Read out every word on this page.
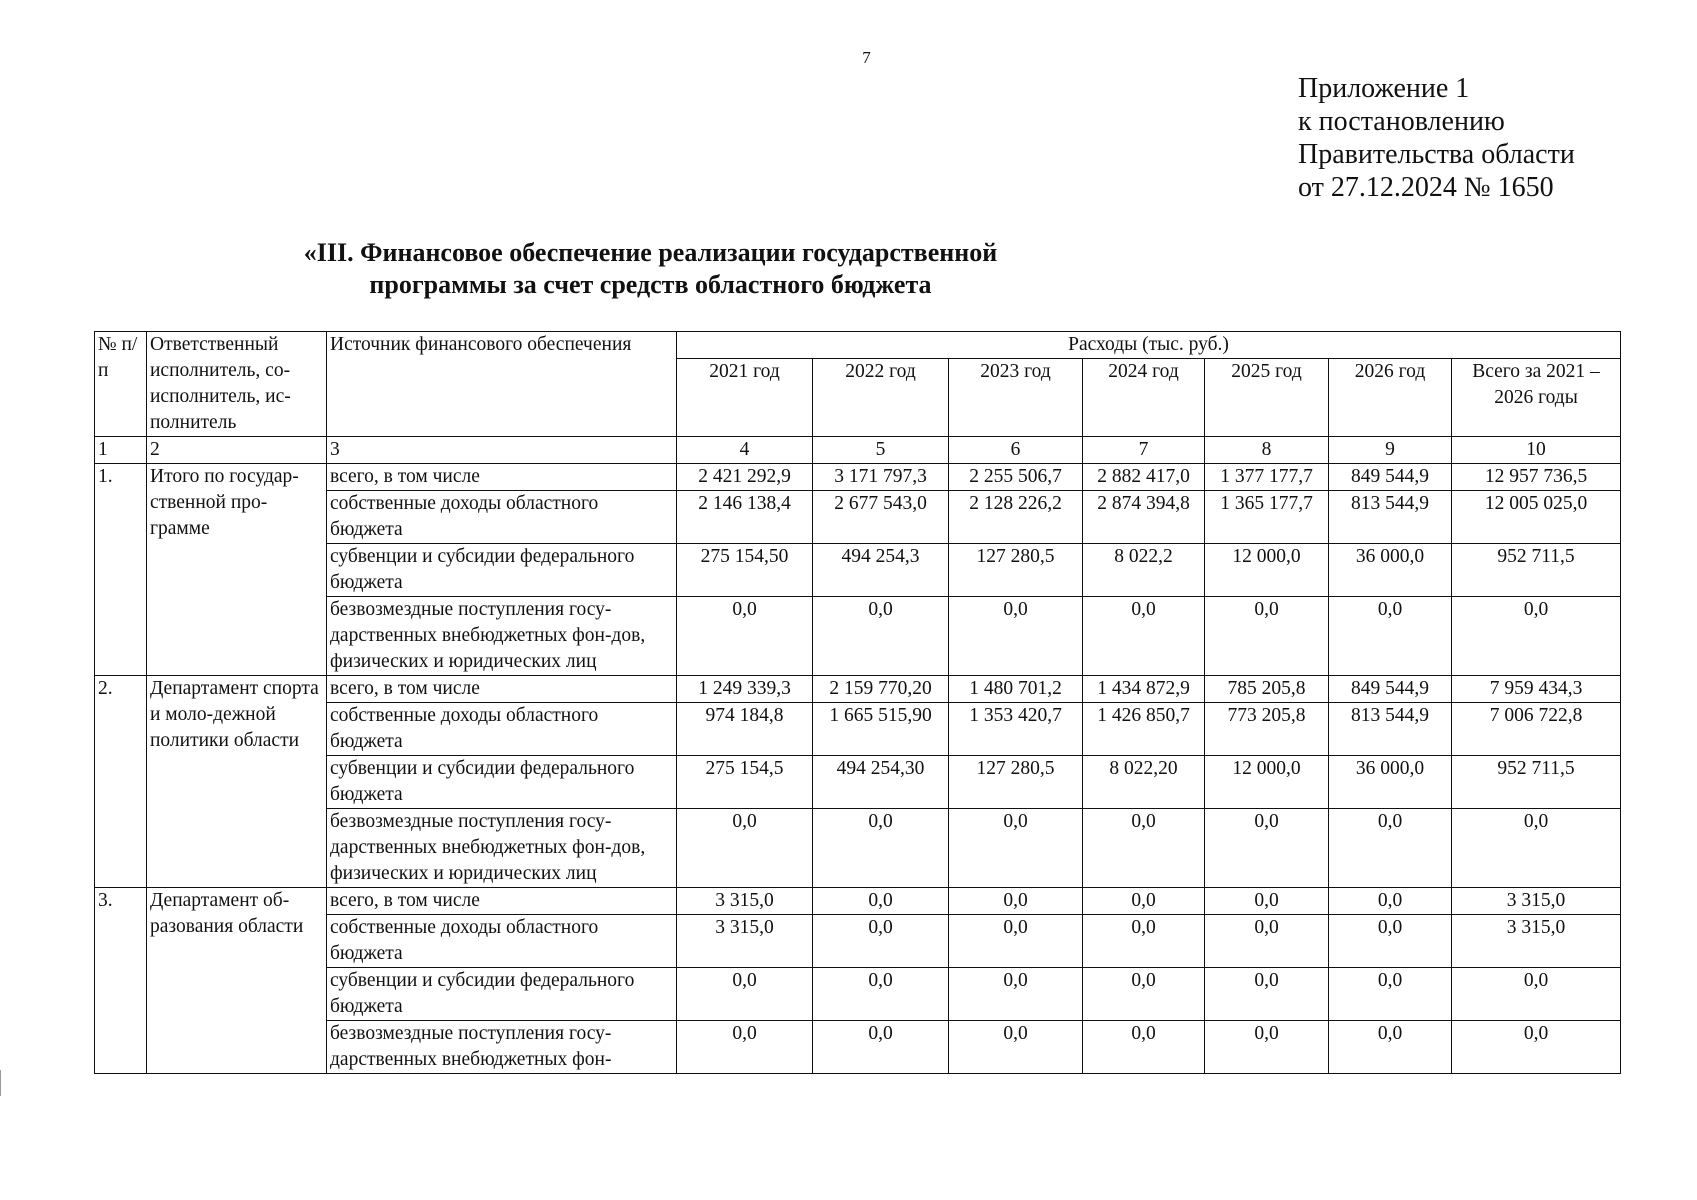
7
Приложение 1
к постановлению
Правительства области
от 27.12.2024 № 1650
«III. Финансовое обеспечение реализации государственной
программы за счет средств областного бюджета
№ п/п	Ответственный исполнитель, со-исполнитель, ис-полнитель	Источник финансового обеспечения	Расходы (тыс. руб.)						
			2021 год	2022 год	2023 год	2024 год	2025 год	2026 год	Всего за 2021 – 2026 годы
1	2	3	4	5	6	7	8	9	10
1.	Итого по государ-ственной про-грамме	всего, в том числе	2 421 292,9	3 171 797,3	2 255 506,7	2 882 417,0	1 377 177,7	849 544,9	12 957 736,5
		собственные доходы областного бюджета	2 146 138,4	2 677 543,0	2 128 226,2	2 874 394,8	1 365 177,7	813 544,9	12 005 025,0
		субвенции и субсидии федерального бюджета	275 154,50	494 254,3	127 280,5	8 022,2	12 000,0	36 000,0	952 711,5
		безвозмездные поступления госу-дарственных внебюджетных фон-дов, физических и юридических лиц	0,0	0,0	0,0	0,0	0,0	0,0	0,0
2.	Департамент спорта и моло-дежной политики области	всего, в том числе	1 249 339,3	2 159 770,20	1 480 701,2	1 434 872,9	785 205,8	849 544,9	7 959 434,3
		собственные доходы областного бюджета	974 184,8	1 665 515,90	1 353 420,7	1 426 850,7	773 205,8	813 544,9	7 006 722,8
		субвенции и субсидии федерального бюджета	275 154,5	494 254,30	127 280,5	8 022,20	12 000,0	36 000,0	952 711,5
		безвозмездные поступления госу-дарственных внебюджетных фон-дов, физических и юридических лиц	0,0	0,0	0,0	0,0	0,0	0,0	0,0
3.	Департамент об-разования области	всего, в том числе	3 315,0	0,0	0,0	0,0	0,0	0,0	3 315,0
		собственные доходы областного бюджета	3 315,0	0,0	0,0	0,0	0,0	0,0	3 315,0
		субвенции и субсидии федерального бюджета	0,0	0,0	0,0	0,0	0,0	0,0	0,0
		безвозмездные поступления госу-дарственных внебюджетных фон-	0,0	0,0	0,0	0,0	0,0	0,0	0,0
